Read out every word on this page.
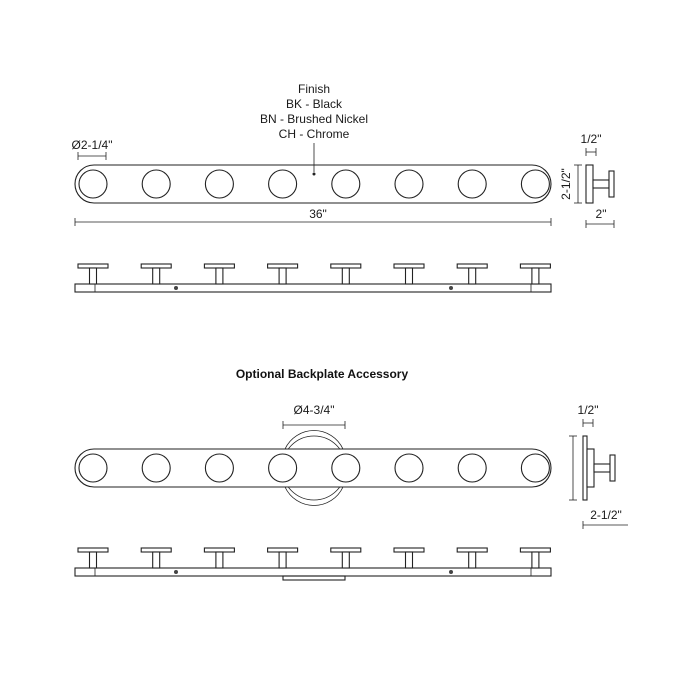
Finish
BK - Black
BN - Brushed Nickel
CH - Chrome
Ø2-1/4"
36"
1/2"
2-1/2"
2"
Optional Backplate Accessory
Ø4-3/4"	1/2"
2-1/2"
